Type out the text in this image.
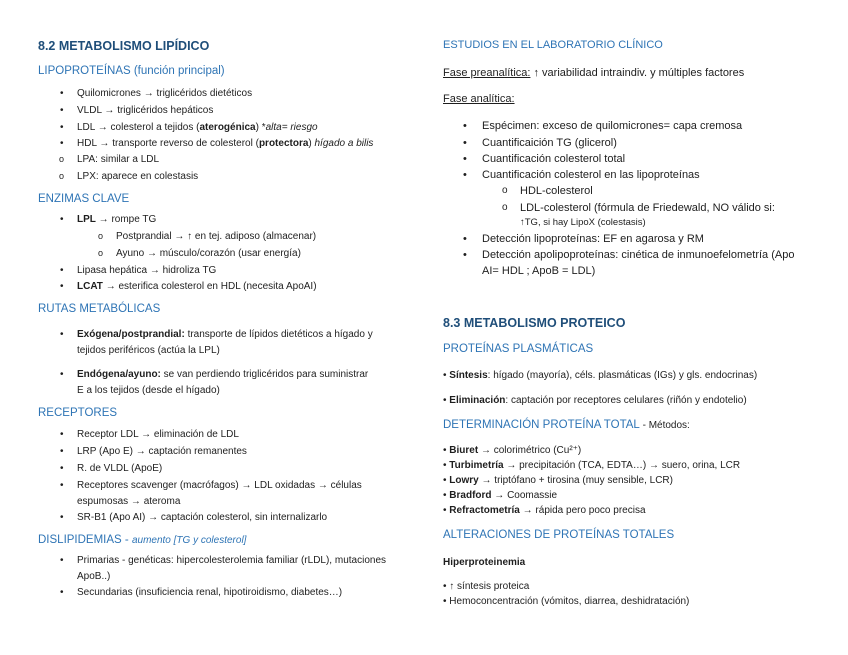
8.2 METABOLISMO LIPÍDICO
LIPOPROTEÍNAS (función principal)
• Quilomicrones → triglicéridos dietéticos
• VLDL → triglicéridos hepáticos
• LDL → colesterol a tejidos (aterogénica) *alta= riesgo
• HDL → transporte reverso de colesterol (protectora) hígado a bilis
o LPA: similar a LDL
o LPX: aparece en colestasis
ENZIMAS CLAVE
• LPL → rompe TG
o Postprandial → ↑ en tej. adiposo (almacenar)
o Ayuno → músculo/corazón (usar energía)
• Lipasa hepática → hidroliza TG
• LCAT → esterifica colesterol en HDL (necesita ApoAI)
RUTAS METABÓLICAS
• Exógena/postprandial: transporte de lípidos dietéticos a hígado y tejidos periféricos (actúa la LPL)
• Endógena/ayuno: se van perdiendo triglicéridos para suministrar E a los tejidos (desde el hígado)
RECEPTORES
• Receptor LDL → eliminación de LDL
• LRP (Apo E) → captación remanentes
• R. de VLDL (ApoE)
• Receptores scavenger (macrófagos) → LDL oxidadas → células espumosas → ateroma
• SR-B1 (Apo AI) → captación colesterol, sin internalizarlo
DISLIPIDEMIAS - aumento [TG y colesterol]
• Primarias - genéticas: hipercolesterolemia familiar (rLDL), mutaciones ApoB..)
• Secundarias (insuficiencia renal, hipotiroidismo, diabetes…)
ESTUDIOS EN EL LABORATORIO CLÍNICO
Fase preanalítica: ↑ variabilidad intraindiv. y múltiples factores
Fase analítica:
• Espécimen: exceso de quilomicrones= capa cremosa
• Cuantificaición TG (glicerol)
• Cuantificación colesterol total
• Cuantificación colesterol en las lipoproteínas
o HDL-colesterol
o LDL-colesterol (fórmula de Friedewald, NO válido si:
↑TG, si hay LipoX (colestasis)
• Detección lipoproteínas: EF en agarosa y RM
• Detección apolipoproteínas: cinética de inmunoefelometría (Apo AI= HDL ; ApoB = LDL)
8.3 METABOLISMO PROTEICO
PROTEÍNAS PLASMÁTICAS
• Síntesis: hígado (mayoría), céls. plasmáticas (IGs) y gls. endocrinas)
• Eliminación: captación por receptores celulares (riñón y endotelio)
DETERMINACIÓN PROTEÍNA TOTAL - Métodos:
• Biuret → colorimétrico (Cu²⁺)
• Turbimetría → precipitación (TCA, EDTA…) → suero, orina, LCR
• Lowry → triptófano + tirosina (muy sensible, LCR)
• Bradford → Coomassie
• Refractometría → rápida pero poco precisa
ALTERACIONES DE PROTEÍNAS TOTALES
Hiperproteinemia
• ↑ síntesis proteica
• Hemoconcentración (vómitos, diarrea, deshidratación)
